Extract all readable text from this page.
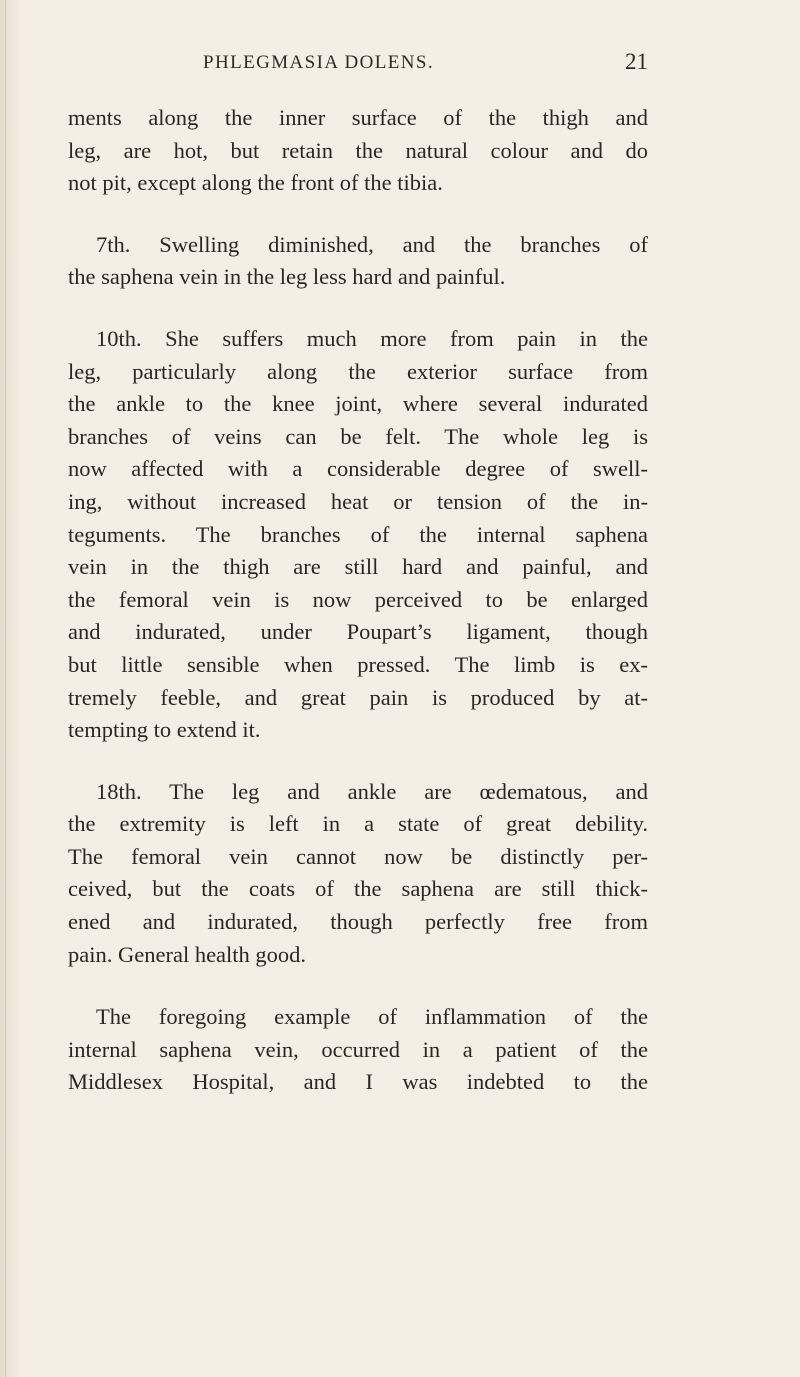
PHLEGMASIA DOLENS.	21

ments along the inner surface of the thigh and
leg, are hot, but retain the natural colour and do
not pit, except along the front of the tibia.

7th. Swelling diminished, and the branches of
the saphena vein in the leg less hard and painful.

10th. She suffers much more from pain in the
leg, particularly along the exterior surface from
the ankle to the knee joint, where several indurated
branches of veins can be felt. The whole leg is
now affected with a considerable degree of swell-
ing, without increased heat or tension of the in-
teguments. The branches of the internal saphena
vein in the thigh are still hard and painful, and
the femoral vein is now perceived to be enlarged
and indurated, under Poupart’s ligament, though
but little sensible when pressed. The limb is ex-
tremely feeble, and great pain is produced by at-
tempting to extend it.

18th. The leg and ankle are œdematous, and
the extremity is left in a state of great debility.
The femoral vein cannot now be distinctly per-
ceived, but the coats of the saphena are still thick-
ened and indurated, though perfectly free from
pain. General health good.

The foregoing example of inflammation of the
internal saphena vein, occurred in a patient of the
Middlesex Hospital, and I was indebted to the
